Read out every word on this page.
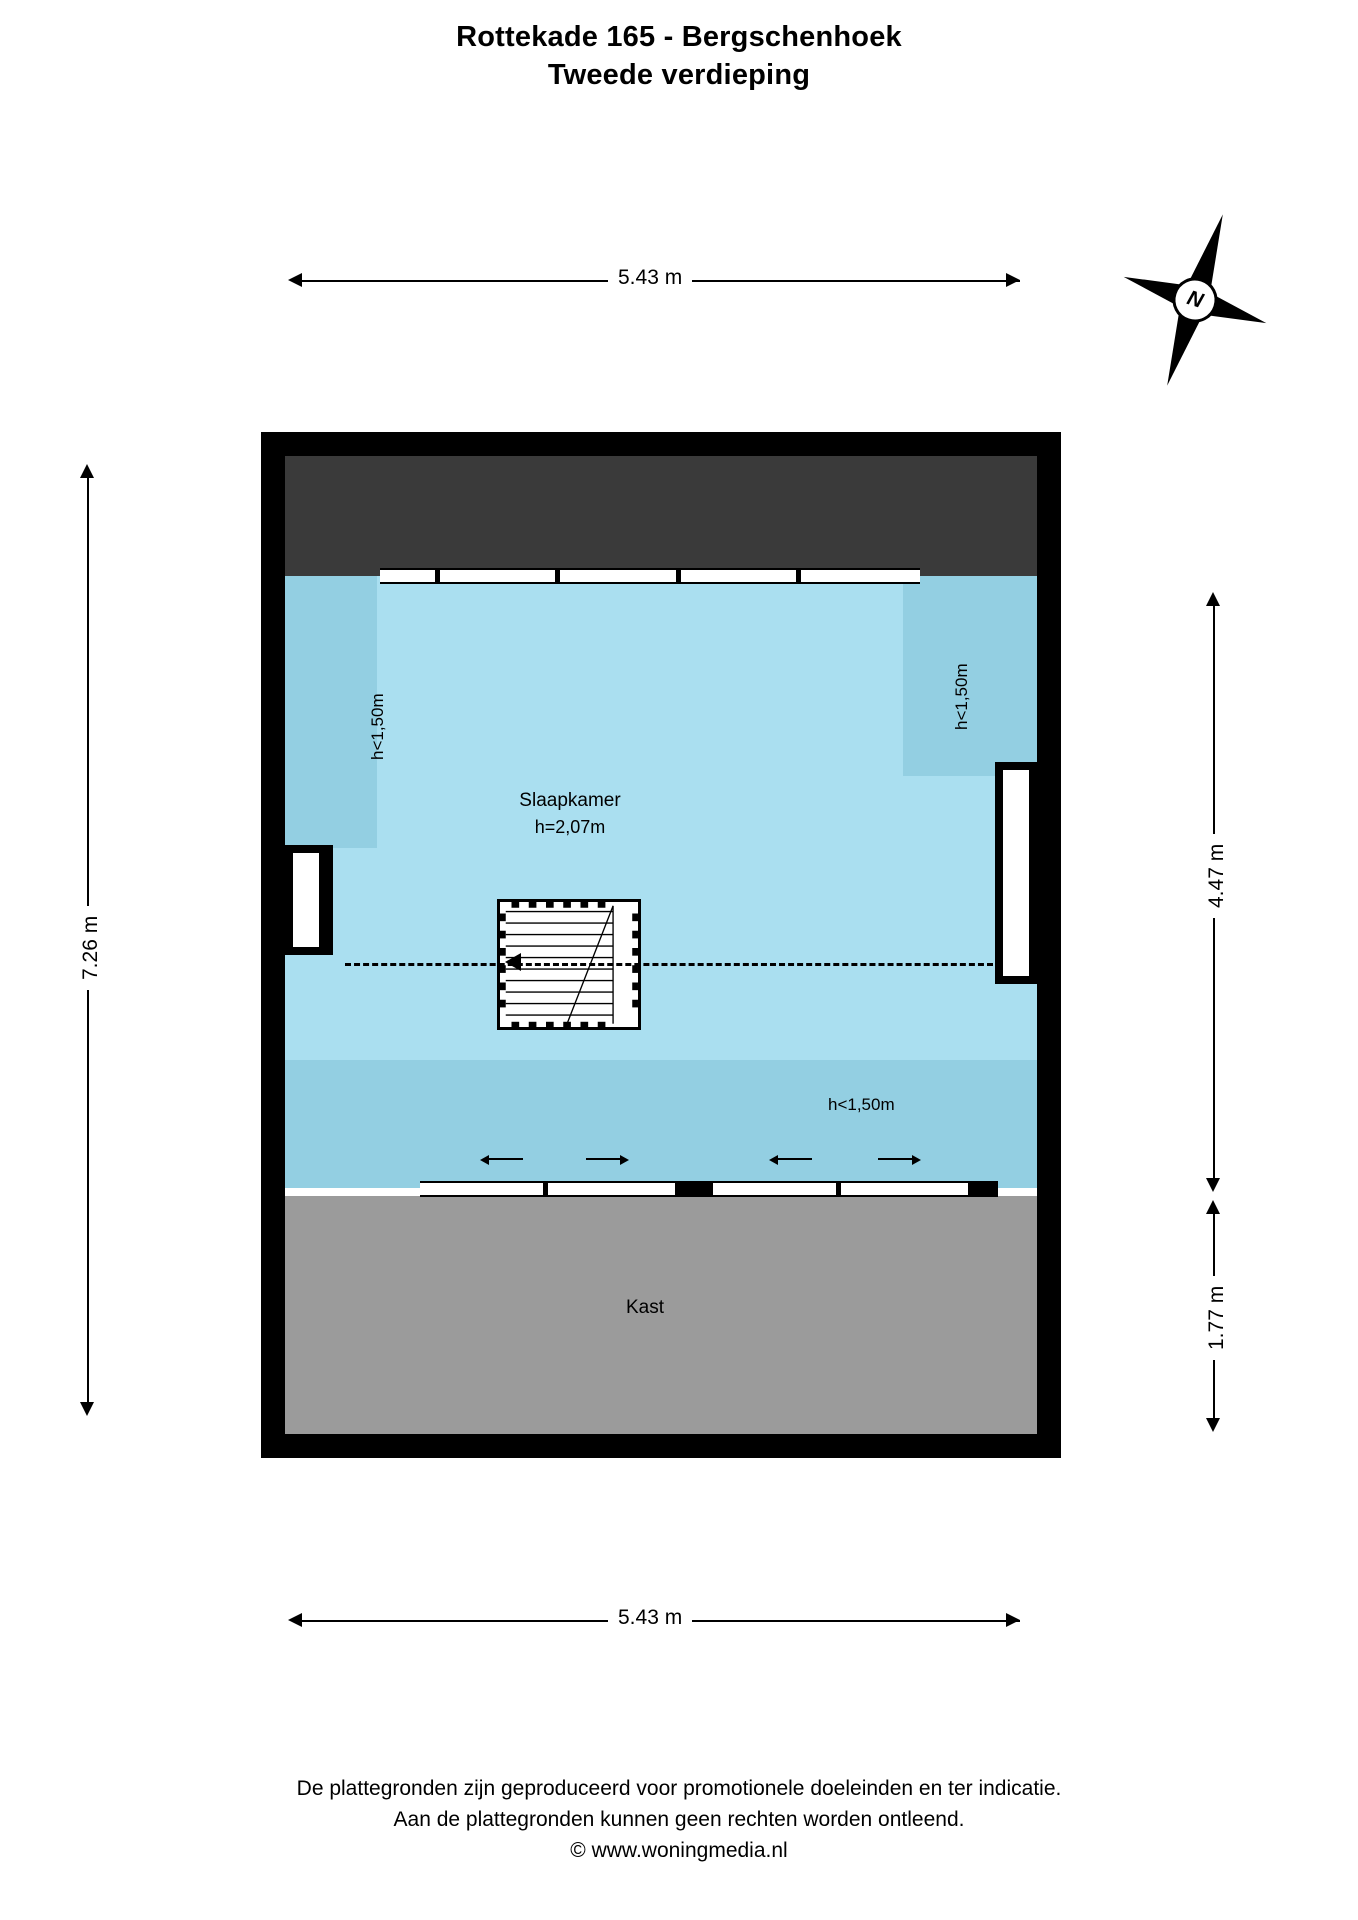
Rottekade 165 - Bergschenhoek
Tweede verdieping
Slaapkamer
h=2,07m
Kast
h<1,50m	h<1,50m
h<1,50m
5.43 m
5.43 m
7.26 m
4.47 m
1.77 m
N
De plattegronden zijn geproduceerd voor promotionele doeleinden en ter indicatie.
Aan de plattegronden kunnen geen rechten worden ontleend.
© www.woningmedia.nl
